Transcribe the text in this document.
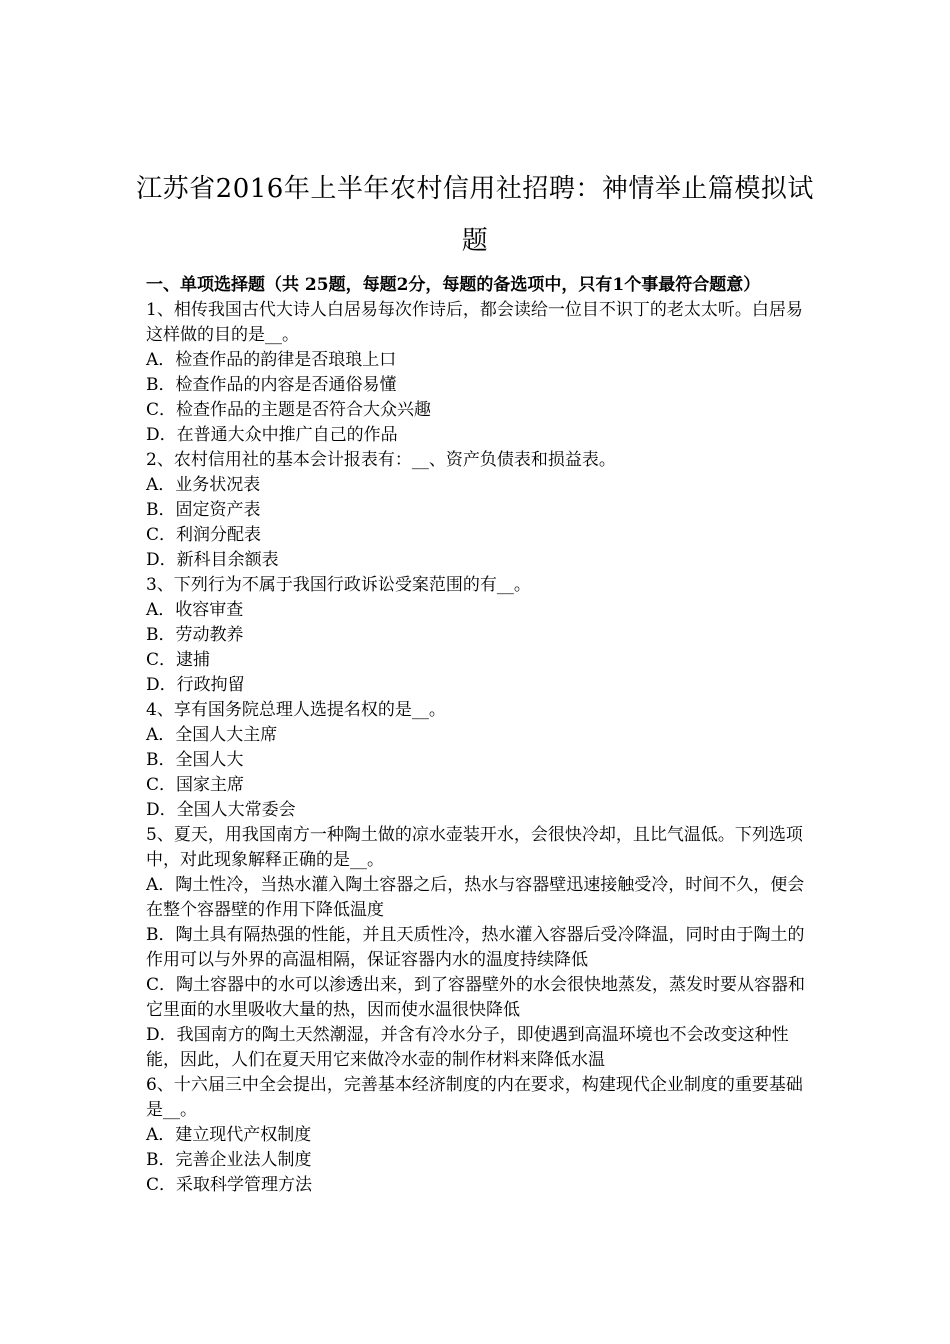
江苏省2016年上半年农村信用社招聘：神情举止篇模拟试题

一、单项选择题（共 25题，每题2分，每题的备选项中，只有1个事最符合题意）

1、相传我国古代大诗人白居易每次作诗后，都会读给一位目不识丁的老太太听。白居易这样做的目的是__。

A．检查作品的韵律是否琅琅上口

B．检查作品的内容是否通俗易懂

C．检查作品的主题是否符合大众兴趣

D．在普通大众中推广自己的作品

2、农村信用社的基本会计报表有：__、资产负债表和损益表。

A．业务状况表

B．固定资产表

C．利润分配表

D．新科目余额表

3、下列行为不属于我国行政诉讼受案范围的有__。

A．收容审查

B．劳动教养

C．逮捕

D．行政拘留

4、享有国务院总理人选提名权的是__。

A．全国人大主席

B．全国人大

C．国家主席

D．全国人大常委会

5、夏天，用我国南方一种陶土做的凉水壶装开水，会很快冷却，且比气温低。下列选项中，对此现象解释正确的是__。

A．陶土性冷，当热水灌入陶土容器之后，热水与容器壁迅速接触受冷，时间不久，便会在整个容器壁的作用下降低温度

B．陶土具有隔热强的性能，并且天质性冷，热水灌入容器后受冷降温，同时由于陶土的作用可以与外界的高温相隔，保证容器内水的温度持续降低

C．陶土容器中的水可以渗透出来，到了容器壁外的水会很快地蒸发，蒸发时要从容器和它里面的水里吸收大量的热，因而使水温很快降低

D．我国南方的陶土天然潮湿，并含有冷水分子，即使遇到高温环境也不会改变这种性能，因此，人们在夏天用它来做冷水壶的制作材料来降低水温

6、十六届三中全会提出，完善基本经济制度的内在要求，构建现代企业制度的重要基础是__。

A．建立现代产权制度

B．完善企业法人制度

C．采取科学管理方法
